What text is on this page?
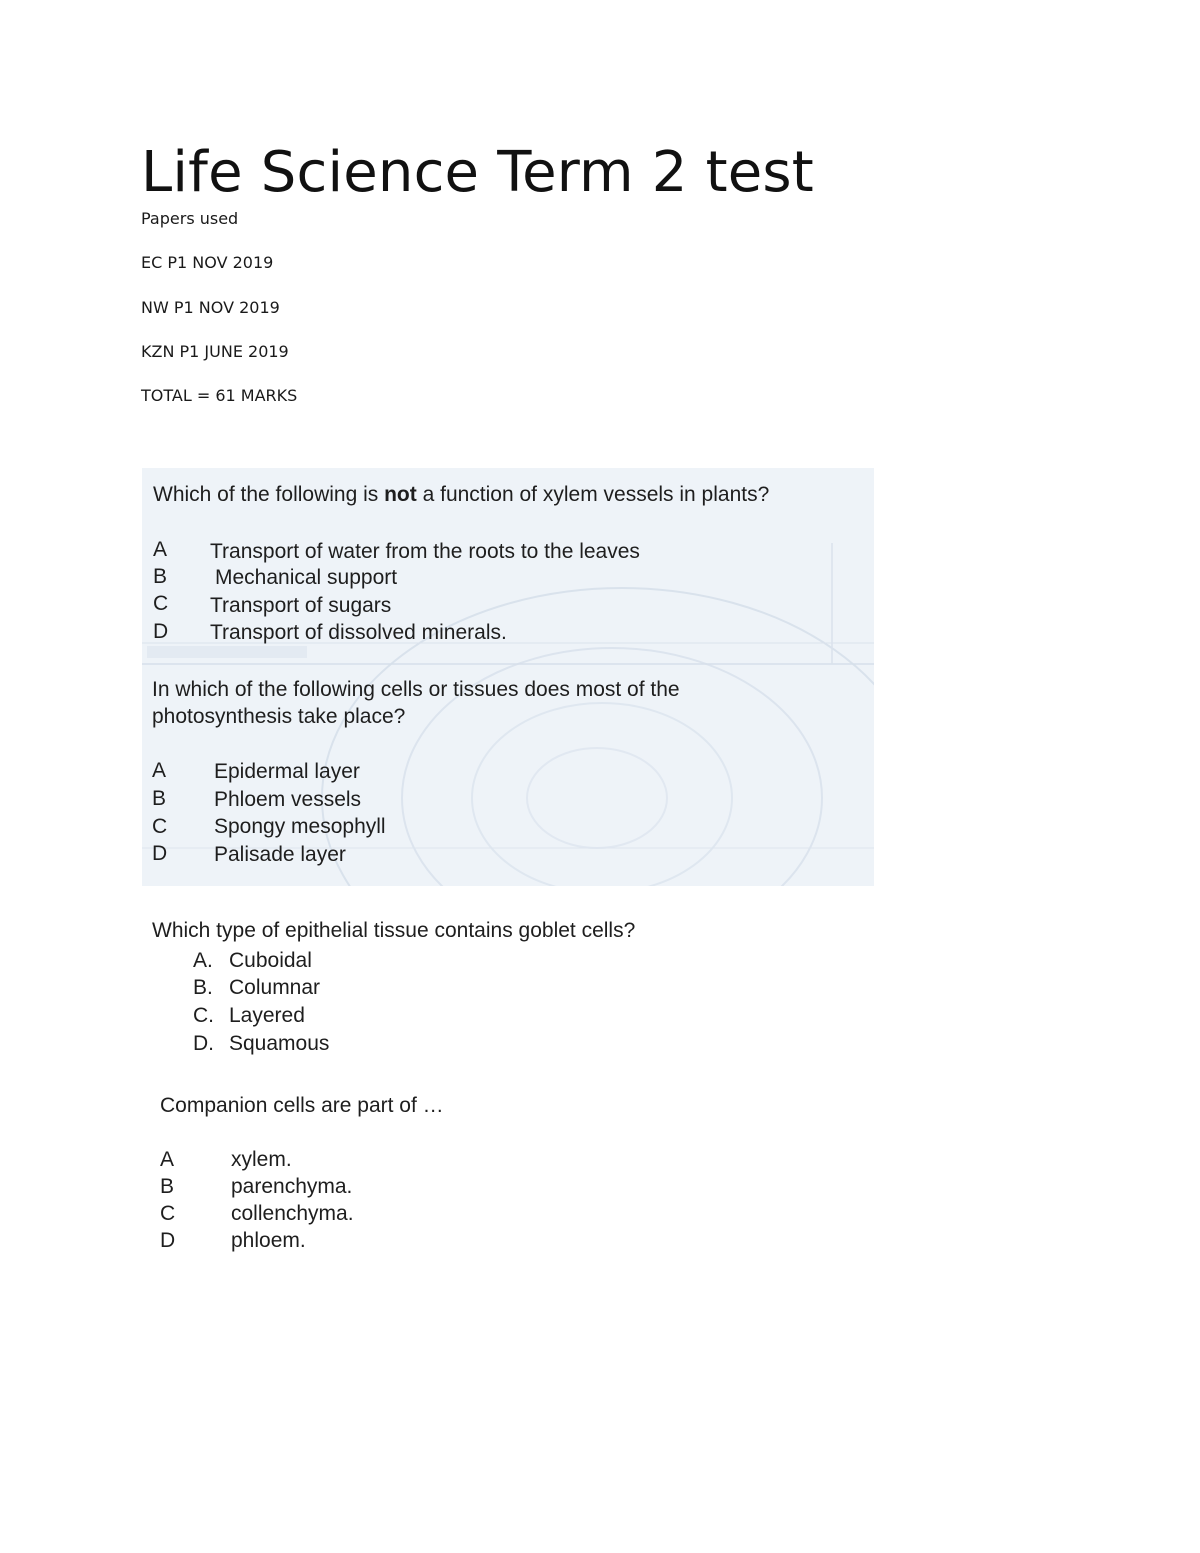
Life Science Term 2 test
Papers used
EC P1 NOV 2019
NW P1 NOV 2019
KZN P1 JUNE 2019
TOTAL = 61 MARKS
Which of the following is not a function of xylem vessels in plants?
A Transport of water from the roots to the leaves
B Mechanical support
C Transport of sugars
D Transport of dissolved minerals.
In which of the following cells or tissues does most of the
photosynthesis take place?
A Epidermal layer
B Phloem vessels
C Spongy mesophyll
D Palisade layer
Which type of epithelial tissue contains goblet cells?
A. Cuboidal
B. Columnar
C. Layered
D. Squamous
Companion cells are part of …
A	xylem.
B	parenchyma.
C	collenchyma.
D	phloem.
